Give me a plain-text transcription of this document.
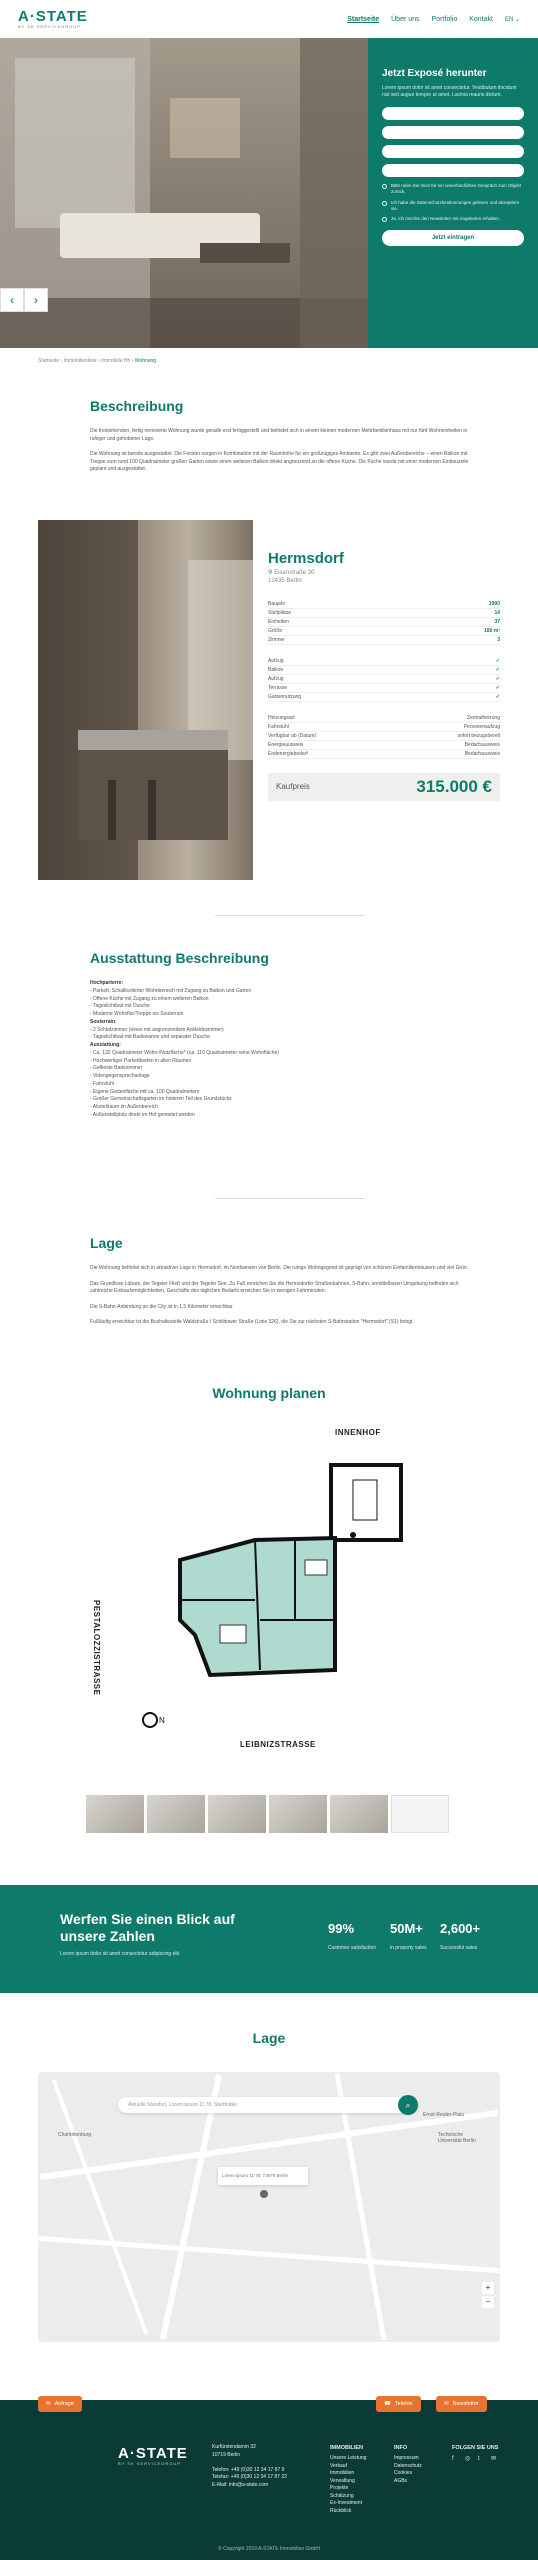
A·STATE
BY SK SERVICEGROUP
Startseite Über uns Portfolio Kontakt EN ⌄
‹	›
Jetzt Exposé herunter

Lorem ipsum dolor sit amet consectetur. Vestibulum tincidunt nisl sed augue tempor ut amet. Lacinia mauris dictum.

Bitte rufen Sie mich für ein unverbindliches Gespräch zum Objekt zurück.
Ich habe die Datenschutzbestimmungen gelesen und akzeptiere sie.
Ja, ich möchte den Newsletter mit Angeboten erhalten.
Jetzt eintragen
Startseite › Immobilienliste › Immobilie Hh › Wohnung
Beschreibung

Die freistehenden, fertig renovierte Wohnung wurde gerade erst fertiggestellt und befindet sich in einem kleinen modernen Mehrfamilienhaus mit nur fünf Wohneinheiten in ruhiger und gehobener Lage.

Die Wohnung ist bereits ausgestattet. Die Fenster sorgen in Kombination mit der Raumhöhe für ein großzügiges Ambiente. Es gibt zwei Außenbereiche – einen Balkon mit Treppe zum rund 100 Quadratmeter großen Garten sowie einen weiteren Balkon direkt angrenzend an die offene Küche. Die Küche wurde mit einer modernen Einbauzeile geplant und ausgestattet.

Hermsdorf
⚲ Eisenstraße 30
12435 Berlin
Baujahr	1990
Stellplätze	14
Einheiten	37
Größe	180 m²
Zimmer	3
Aufzug	✓
Balkon	✓
Aufzug	✓
Terrasse	✓
Gartennutzung	✓
Heizungsart	Zentralheizung
Fahrstuhl	Personenaufzug
Verfügbar ab (Datum)	sofort bezugsbereit
Energieausweis	Bedarfsausweis
Endenergiebedarf	Bedarfsausweis
Kaufpreis	315.000 €
Ausstattung Beschreibung
Hochparterre:
- Parkett, Schallisolierter Wohnbereich mit Zugang zu Balkon und Garten
- Offene Küche mit Zugang zu einem weiteren Balkon
- Tageslichtbad mit Dusche
- Moderne Wohnflur/Treppe ins Souterrain
Souterrain:
- 2 Schlafzimmer (eines mit angrenzendem Ankleidezimmer)
- Tageslichtbad mit Badewanne und separater Dusche
Ausstattung:
- Ca. 132 Quadratmeter Wohn-/Nutzfläche* (ca. 110 Quadratmeter reine Wohnfläche)
- Hochwertiger Parkettboden in allen Räumen
- Geflieste Badezimmer
- Videogegensprechanlage
- Fahrstuhl
- Eigene Gartenfläche mit ca. 100 Quadratmetern
- Großer Gemeinschaftsgarten im hinteren Teil des Grundstücks
- Abstellraum im Außenbereich
- Außenstellplatz direkt im Hof gemietet werden
Lage

Die Wohnung befindet sich in attraktiver Lage in Hermsdorf, im Nordwesten von Berlin. Die ruhige Wohngegend ist geprägt von schönen Einfamilienhäusern und viel Grün.

Das Grundlose Lübars, der Tegeler Fließ und der Tegeler See. Zu Fuß erreichen Sie die Hermsdorfer Straßenbahnen, S-Bahn, unmittelbaren Umgebung befinden sich zahlreiche Einkaufsmöglichkeiten, Geschäfte des täglichen Bedarfs erreichen Sie in wenigen Fahrminuten.

Die S-Bahn-Anbindung an die City ist in 1,5 Kilometer erreichbar.

Fußläufig erreichbar ist die Bushaltestelle Waldstraße / Schildower Straße (Linie 326), die Sie zur nächsten S-Bahnstation "Hermsdorf" (S1) bringt.

Wohnung planen
INNENHOF
PESTALOZZISTRASSE
LEIBNIZSTRASSE
N
Werfen Sie einen Blick auf unsere Zahlen
Lorem ipsum dolor sit amet consectetur adipiscing elit.
99%
Customer satisfaction
50M+
in property sales
2,600+
Successful sales
Lage
Aktuelle Standort, Lorem ipsum 11 78, Startfolder	⌕
Lorem ipsum 11 78, 73678 Berlin
Ernst-Reuter-Platz
Technische Universität Berlin
Charlottenburg
+
−
✉ Anfrage	☎ Telefon	✉ Newsletter
A·STATE
BY SK SERVICEGROUP
Kurfürstendamm 32
10719 Berlin

Telefon: +49 (0)30 12 34 17 87 9
Telefax: +49 (0)30 12 34 17 87 22
E-Mail: info@a-state.com
IMMOBILIEN
Unsere Leistung
Verkauf
Immobilien
Verwaltung
Projekte
Schätzung
Ex-Investment
Rückblick
INFO
Impressum
Datenschutz
Cookies
AGBs
FOLGEN SIE UNS
f	◎	t	✉
© Copyright 2019 A-STATE Immobilien GmbH
